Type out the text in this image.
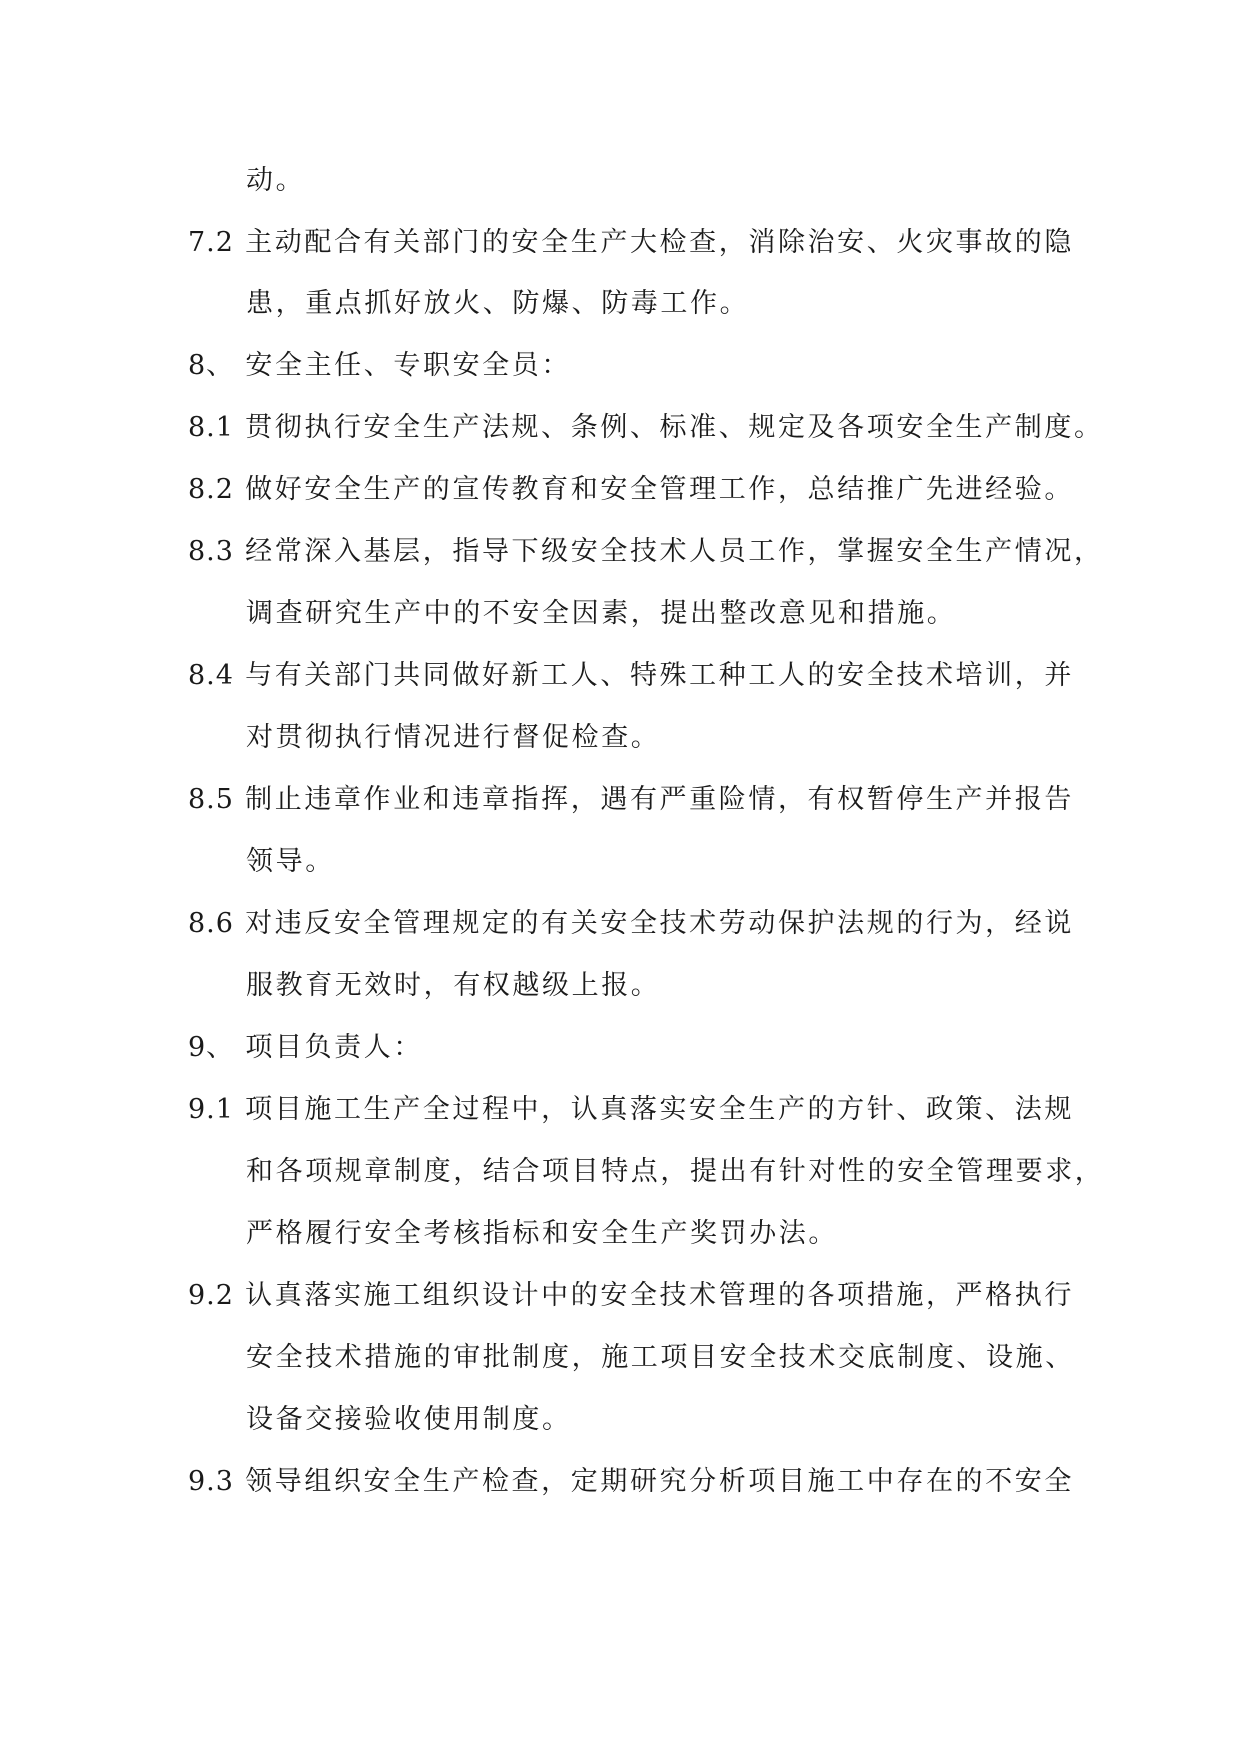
动。
7.2 主动配合有关部门的安全生产大检查，消除治安、火灾事故的隐
患，重点抓好放火、防爆、防毒工作。
8、 安全主任、专职安全员：
8.1 贯彻执行安全生产法规、条例、标准、规定及各项安全生产制度。
8.2 做好安全生产的宣传教育和安全管理工作，总结推广先进经验。
8.3 经常深入基层，指导下级安全技术人员工作，掌握安全生产情况，
调查研究生产中的不安全因素，提出整改意见和措施。
8.4 与有关部门共同做好新工人、特殊工种工人的安全技术培训，并
对贯彻执行情况进行督促检查。
8.5 制止违章作业和违章指挥，遇有严重险情，有权暂停生产并报告
领导。
8.6 对违反安全管理规定的有关安全技术劳动保护法规的行为，经说
服教育无效时，有权越级上报。
9、 项目负责人：
9.1 项目施工生产全过程中，认真落实安全生产的方针、政策、法规
和各项规章制度，结合项目特点，提出有针对性的安全管理要求，
严格履行安全考核指标和安全生产奖罚办法。
9.2 认真落实施工组织设计中的安全技术管理的各项措施，严格执行
安全技术措施的审批制度，施工项目安全技术交底制度、设施、
设备交接验收使用制度。
9.3 领导组织安全生产检查，定期研究分析项目施工中存在的不安全
